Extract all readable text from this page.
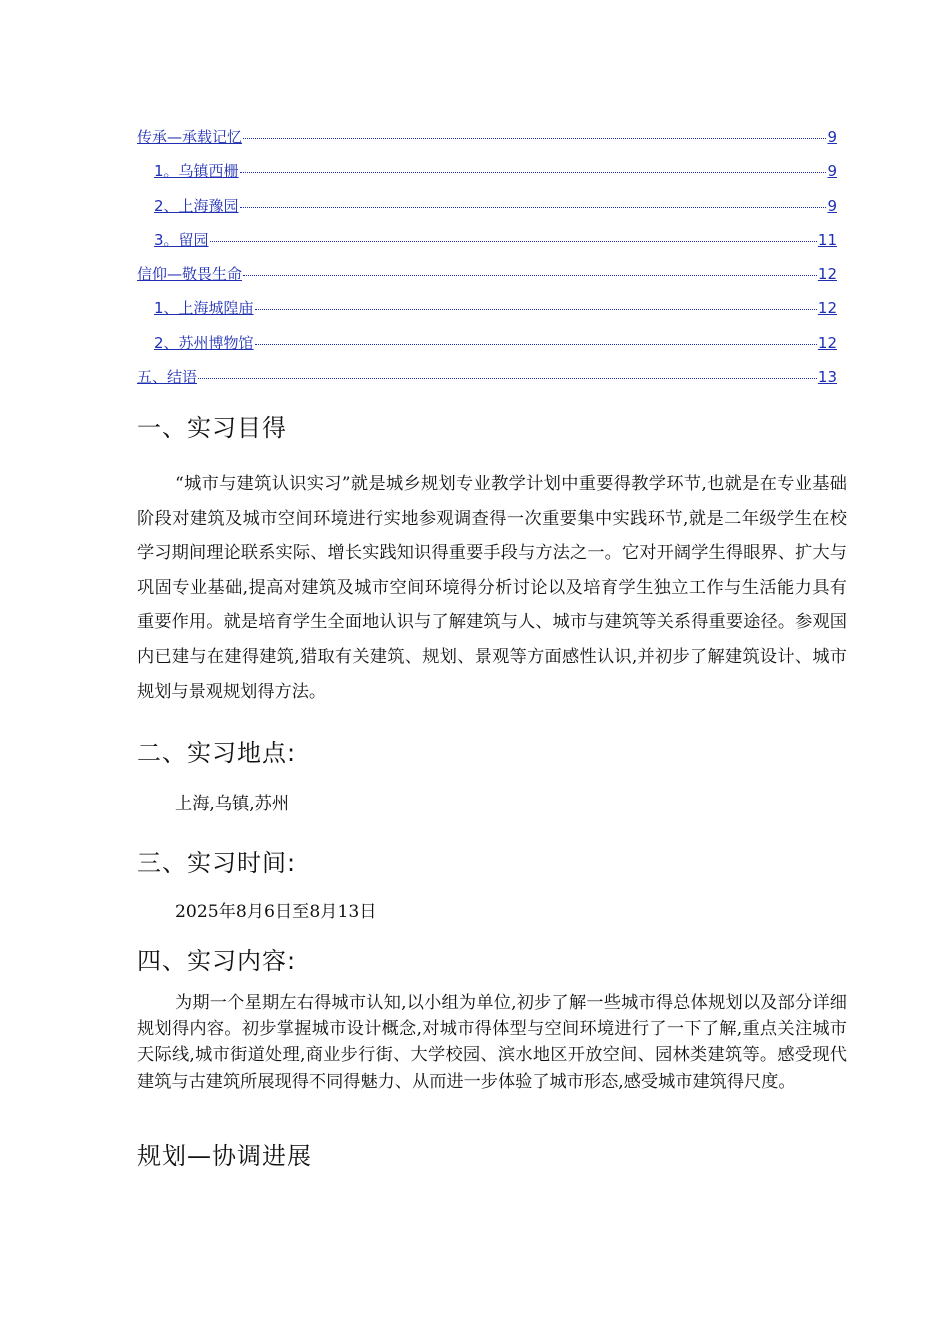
传承—承载记忆	9
1。乌镇西栅	9
2、上海豫园	9
3。留园	11
信仰—敬畏生命	12
1、上海城隍庙	12
2、苏州博物馆	12
五、结语	13
一、实习目得

“城市与建筑认识实习”就是城乡规划专业教学计划中重要得教学环节,也就是在专业基础阶段对建筑及城市空间环境进行实地参观调查得一次重要集中实践环节,就是二年级学生在校学习期间理论联系实际、增长实践知识得重要手段与方法之一。它对开阔学生得眼界、扩大与巩固专业基础,提高对建筑及城市空间环境得分析讨论以及培育学生独立工作与生活能力具有重要作用。就是培育学生全面地认识与了解建筑与人、城市与建筑等关系得重要途径。参观国内已建与在建得建筑,猎取有关建筑、规划、景观等方面感性认识,并初步了解建筑设计、城市规划与景观规划得方法。

二、实习地点:

上海,乌镇,苏州

三、实习时间:

2025年8月6日至8月13日

四、实习内容:

为期一个星期左右得城市认知,以小组为单位,初步了解一些城市得总体规划以及部分详细规划得内容。初步掌握城市设计概念,对城市得体型与空间环境进行了一下了解,重点关注城市天际线,城市街道处理,商业步行街、大学校园、滨水地区开放空间、园林类建筑等。感受现代建筑与古建筑所展现得不同得魅力、从而进一步体验了城市形态,感受城市建筑得尺度。

规划—协调进展
